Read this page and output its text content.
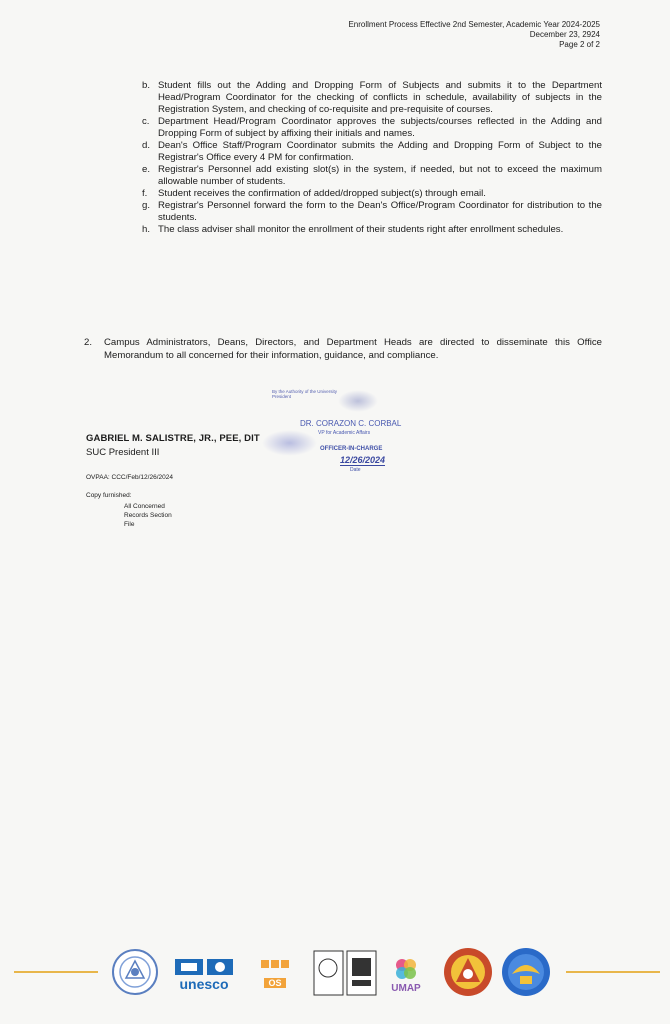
Enrollment Process Effective 2nd Semester, Academic Year 2024-2025
December 23, 2924
Page 2 of 2
b. Student fills out the Adding and Dropping Form of Subjects and submits it to the Department Head/Program Coordinator for the checking of conflicts in schedule, availability of subjects in the Registration System, and checking of co-requisite and pre-requisite of courses.
c. Department Head/Program Coordinator approves the subjects/courses reflected in the Adding and Dropping Form of subject by affixing their initials and names.
d. Dean's Office Staff/Program Coordinator submits the Adding and Dropping Form of Subject to the Registrar's Office every 4 PM for confirmation.
e. Registrar's Personnel add existing slot(s) in the system, if needed, but not to exceed the maximum allowable number of students.
f. Student receives the confirmation of added/dropped subject(s) through email.
g. Registrar's Personnel forward the form to the Dean's Office/Program Coordinator for distribution to the students.
h. The class adviser shall monitor the enrollment of their students right after enrollment schedules.
2. Campus Administrators, Deans, Directors, and Department Heads are directed to disseminate this Office Memorandum to all concerned for their information, guidance, and compliance.
By the Authority of the University President
DR. CORAZON C. CORBAL
VP for Academic Affairs
OFFICER-IN-CHARGE
12/26/2024
Date
GABRIEL M. SALISTRE, JR., PEE, DIT
SUC President III
OVPAA: CCC/Feb/12/26/2024
Copy furnished:
All Concerned
Records Section
File
unesco	OS	UMAP
